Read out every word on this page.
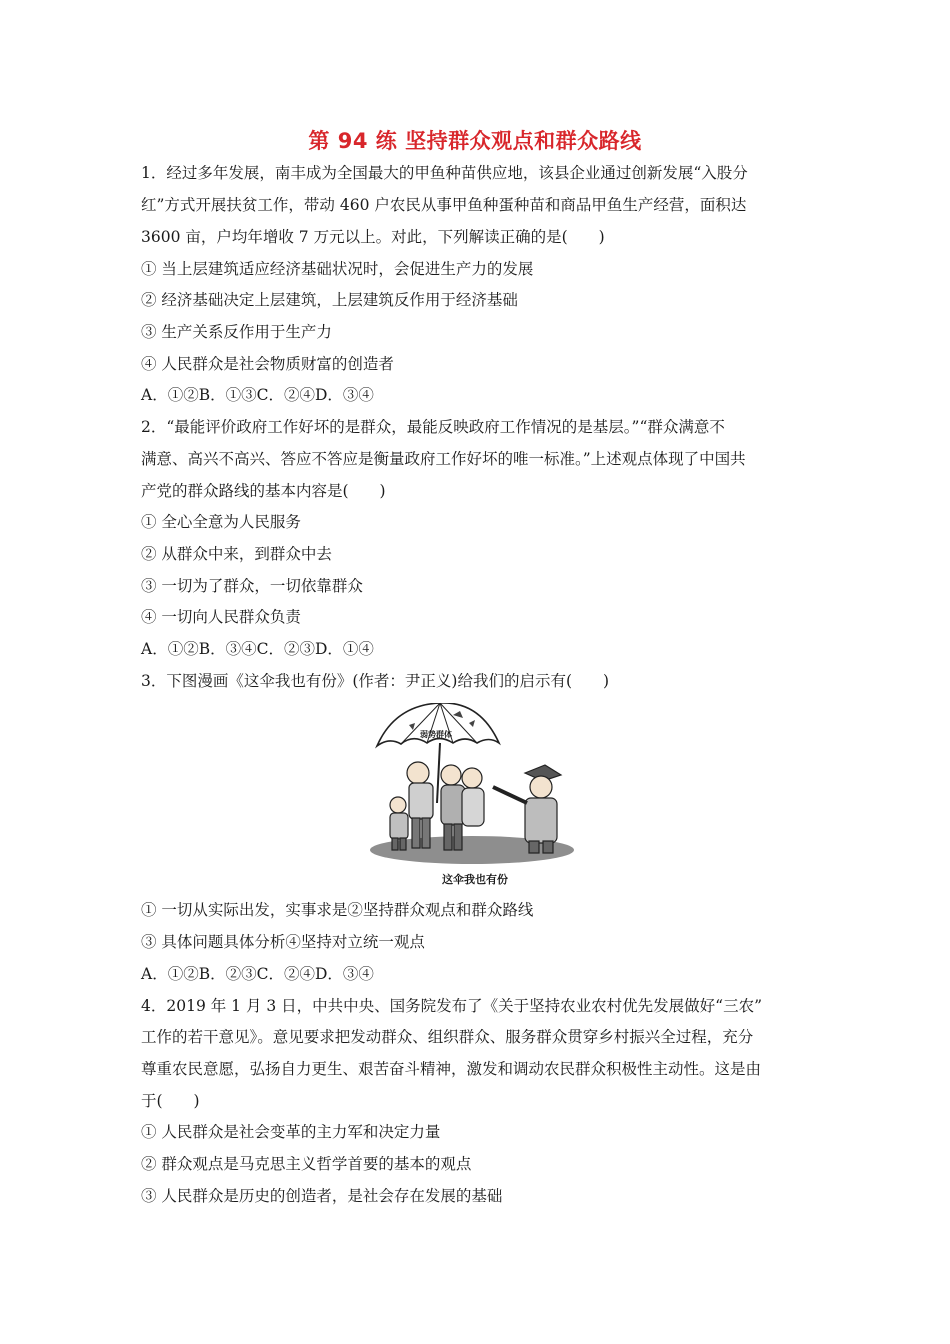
第 94 练 坚持群众观点和群众路线
1．经过多年发展，南丰成为全国最大的甲鱼种苗供应地，该县企业通过创新发展“入股分
红”方式开展扶贫工作，带动 460 户农民从事甲鱼种蛋种苗和商品甲鱼生产经营，面积达
3600 亩，户均年增收 7 万元以上。对此，下列解读正确的是(　　)
① 当上层建筑适应经济基础状况时，会促进生产力的发展
② 经济基础决定上层建筑，上层建筑反作用于经济基础
③ 生产关系反作用于生产力
④ 人民群众是社会物质财富的创造者
A．①②B．①③C．②④D．③④
2．“最能评价政府工作好坏的是群众，最能反映政府工作情况的是基层。”“群众满意不
满意、高兴不高兴、答应不答应是衡量政府工作好坏的唯一标准。”上述观点体现了中国共
产党的群众路线的基本内容是(　　)
① 全心全意为人民服务
② 从群众中来，到群众中去
③ 一切为了群众，一切依靠群众
④ 一切向人民群众负责
A．①②B．③④C．②③D．①④
3．下图漫画《这伞我也有份》(作者：尹正义)给我们的启示有(　　)
弱势群体
这伞我也有份
① 一切从实际出发，实事求是②坚持群众观点和群众路线
③ 具体问题具体分析④坚持对立统一观点
A．①②B．②③C．②④D．③④
4．2019 年 1 月 3 日，中共中央、国务院发布了《关于坚持农业农村优先发展做好“三农”
工作的若干意见》。意见要求把发动群众、组织群众、服务群众贯穿乡村振兴全过程，充分
尊重农民意愿，弘扬自力更生、艰苦奋斗精神，激发和调动农民群众积极性主动性。这是由
于(　　)
① 人民群众是社会变革的主力军和决定力量
② 群众观点是马克思主义哲学首要的基本的观点
③ 人民群众是历史的创造者，是社会存在发展的基础
